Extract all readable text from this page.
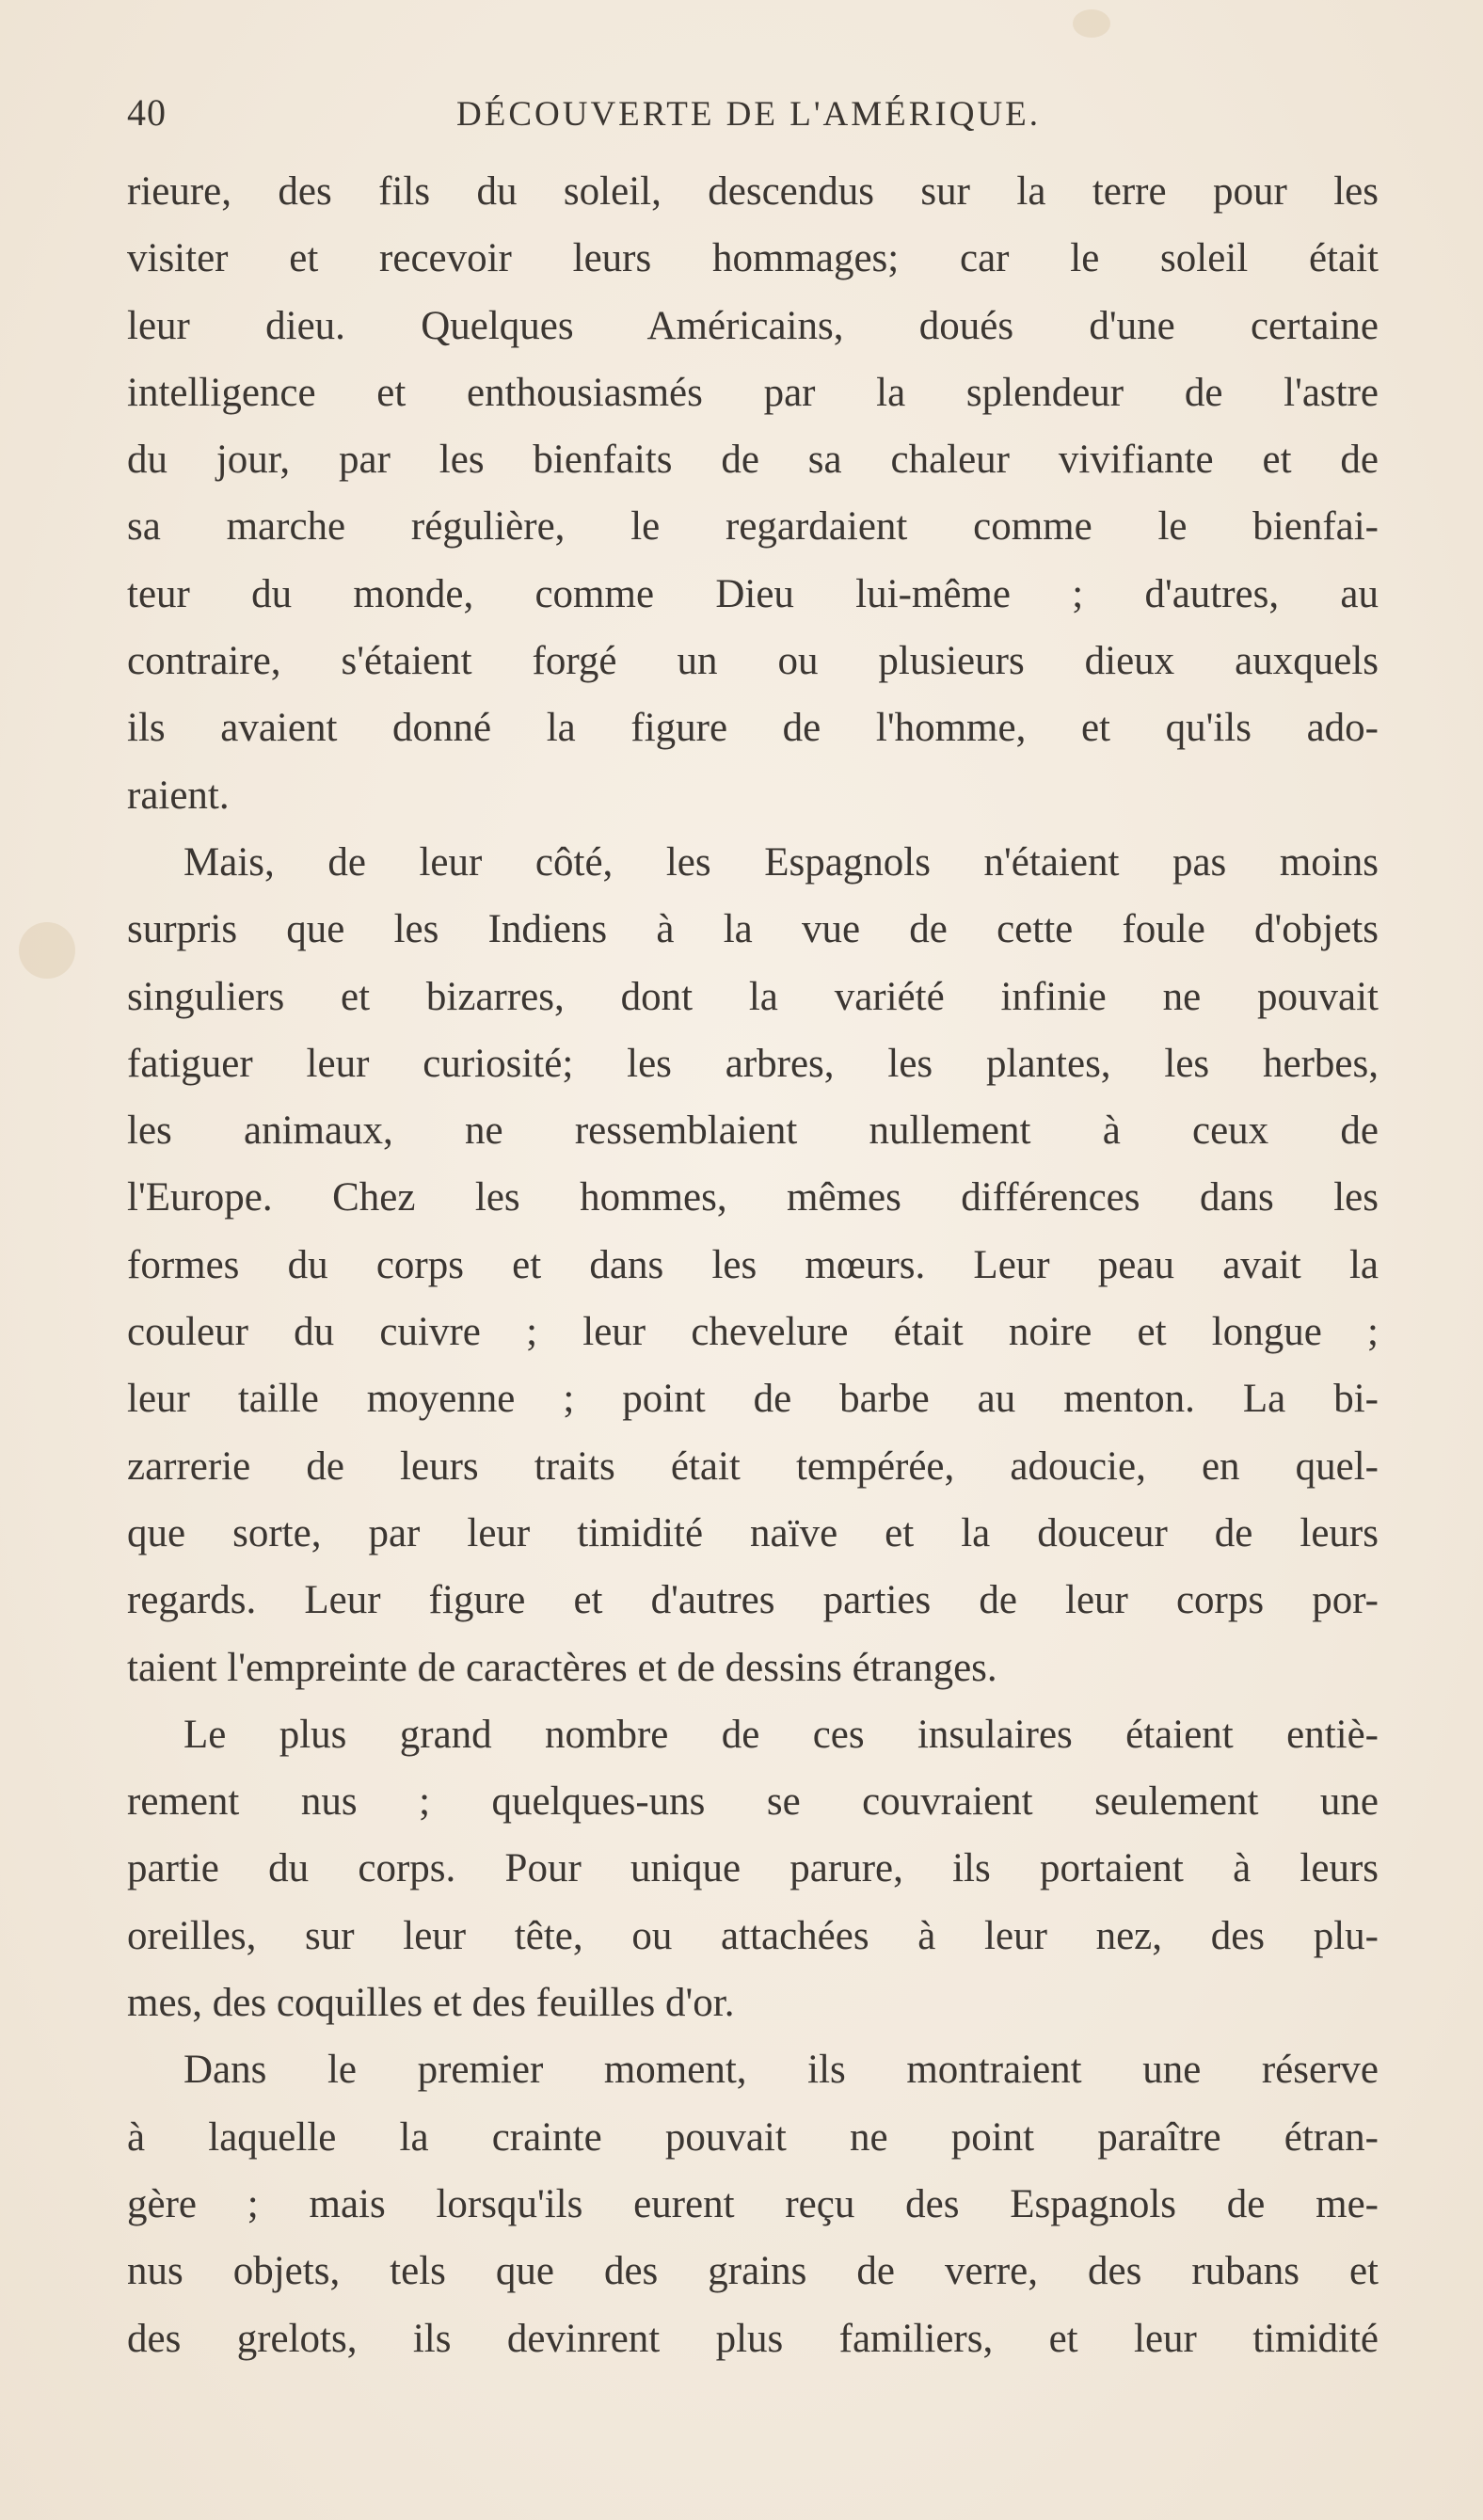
40	DÉCOUVERTE DE L'AMÉRIQUE.
rieure, des fils du soleil, descendus sur la terre pour les
visiter et recevoir leurs hommages; car le soleil était
leur dieu. Quelques Américains, doués d'une certaine
intelligence et enthousiasmés par la splendeur de l'astre
du jour, par les bienfaits de sa chaleur vivifiante et de
sa marche régulière, le regardaient comme le bienfai-
teur du monde, comme Dieu lui-même ; d'autres, au
contraire, s'étaient forgé un ou plusieurs dieux auxquels
ils avaient donné la figure de l'homme, et qu'ils ado-
raient.
Mais, de leur côté, les Espagnols n'étaient pas moins
surpris que les Indiens à la vue de cette foule d'objets
singuliers et bizarres, dont la variété infinie ne pouvait
fatiguer leur curiosité; les arbres, les plantes, les herbes,
les animaux, ne ressemblaient nullement à ceux de
l'Europe. Chez les hommes, mêmes différences dans les
formes du corps et dans les mœurs. Leur peau avait la
couleur du cuivre ; leur chevelure était noire et longue ;
leur taille moyenne ; point de barbe au menton. La bi-
zarrerie de leurs traits était tempérée, adoucie, en quel-
que sorte, par leur timidité naïve et la douceur de leurs
regards. Leur figure et d'autres parties de leur corps por-
taient l'empreinte de caractères et de dessins étranges.
Le plus grand nombre de ces insulaires étaient entiè-
rement nus ; quelques-uns se couvraient seulement une
partie du corps. Pour unique parure, ils portaient à leurs
oreilles, sur leur tête, ou attachées à leur nez, des plu-
mes, des coquilles et des feuilles d'or.
Dans le premier moment, ils montraient une réserve
à laquelle la crainte pouvait ne point paraître étran-
gère ; mais lorsqu'ils eurent reçu des Espagnols de me-
nus objets, tels que des grains de verre, des rubans et
des grelots, ils devinrent plus familiers, et leur timidité
